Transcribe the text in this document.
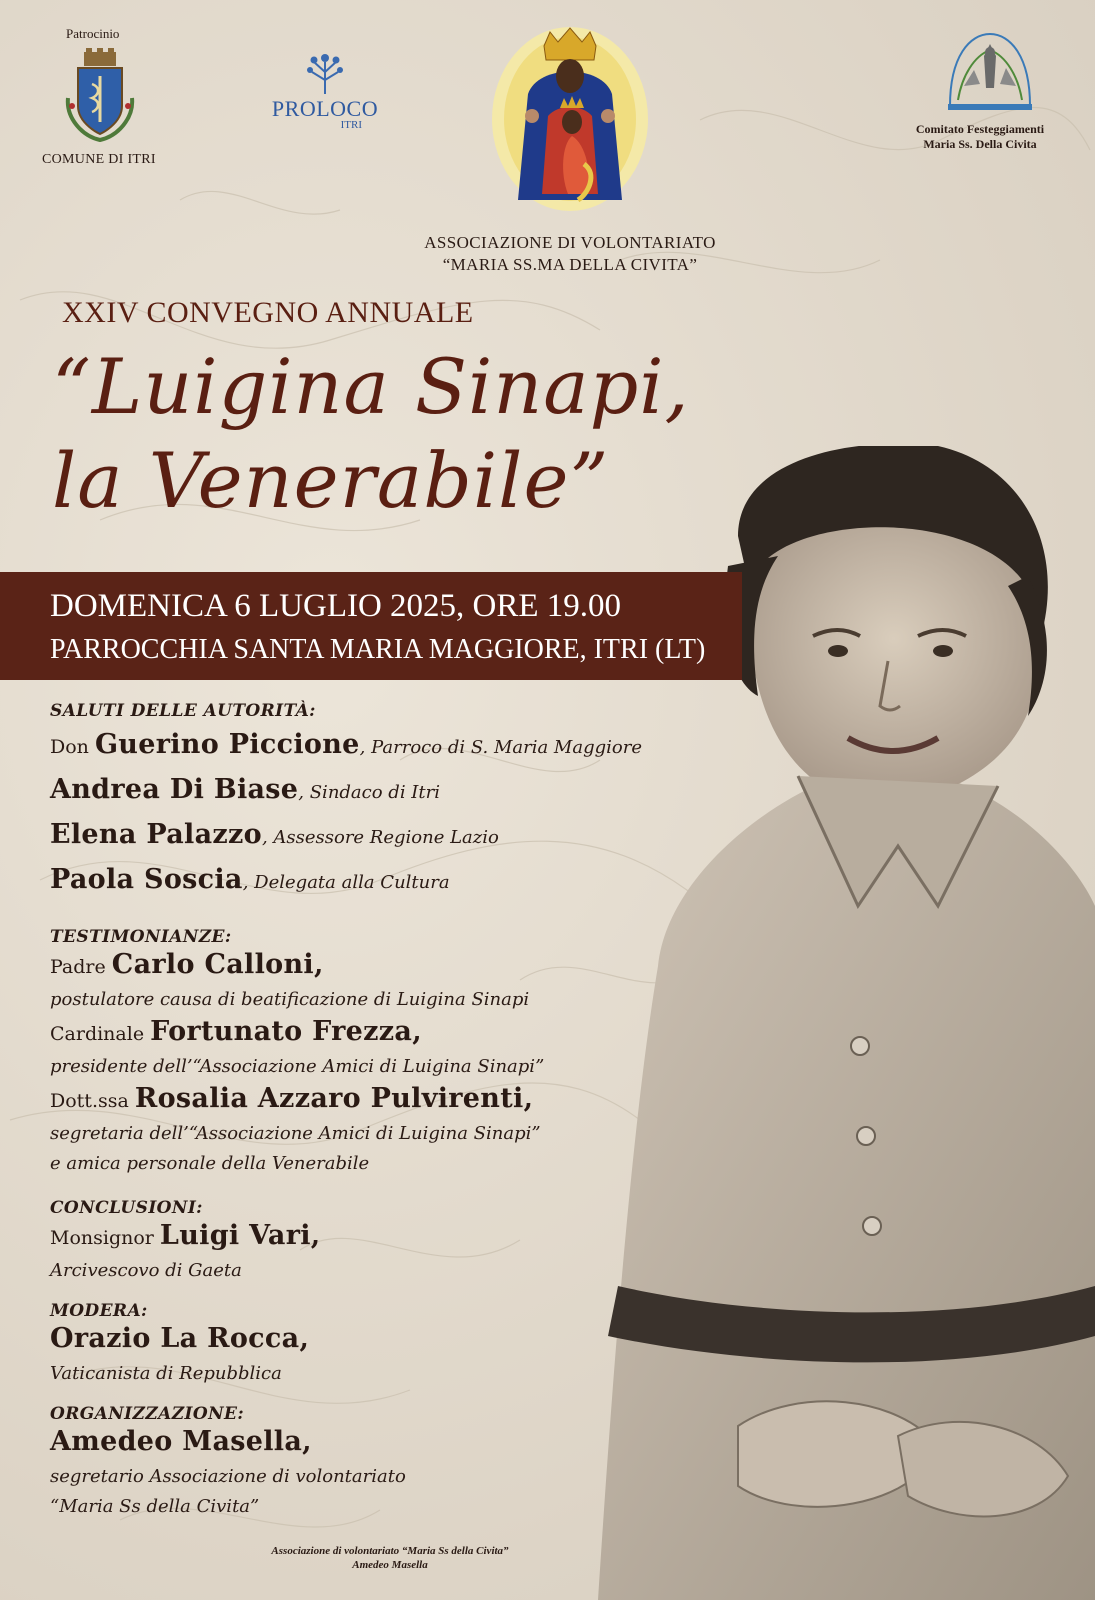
Patrocinio
COMUNE DI ITRI
PROLOCO
ITRI	Comitato Festeggiamenti
Maria Ss. Della Civita
ASSOCIAZIONE DI VOLONTARIATO
“MARIA SS.MA DELLA CIVITA”
XXIV CONVEGNO ANNUALE
“Luigina Sinapi,
la Venerabile”
DOMENICA 6 LUGLIO 2025, ORE 19.00
PARROCCHIA SANTA MARIA MAGGIORE, ITRI (LT)

SALUTI DELLE AUTORITÀ:

Don Guerino Piccione, Parroco di S. Maria Maggiore

Andrea Di Biase, Sindaco di Itri

Elena Palazzo, Assessore Regione Lazio

Paola Soscia, Delegata alla Cultura

TESTIMONIANZE:

Padre Carlo Calloni,

postulatore causa di beatificazione di Luigina Sinapi

Cardinale Fortunato Frezza,

presidente dell’“Associazione Amici di Luigina Sinapi”

Dott.ssa Rosalia Azzaro Pulvirenti,

segretaria dell’“Associazione Amici di Luigina Sinapi”

e amica personale della Venerabile

CONCLUSIONI:

Monsignor Luigi Vari,

Arcivescovo di Gaeta

MODERA:

Orazio La Rocca,

Vaticanista di Repubblica

ORGANIZZAZIONE:

Amedeo Masella,

segretario Associazione di volontariato

“Maria Ss della Civita”

Associazione di volontariato “Maria Ss della Civita”
Amedeo Masella
